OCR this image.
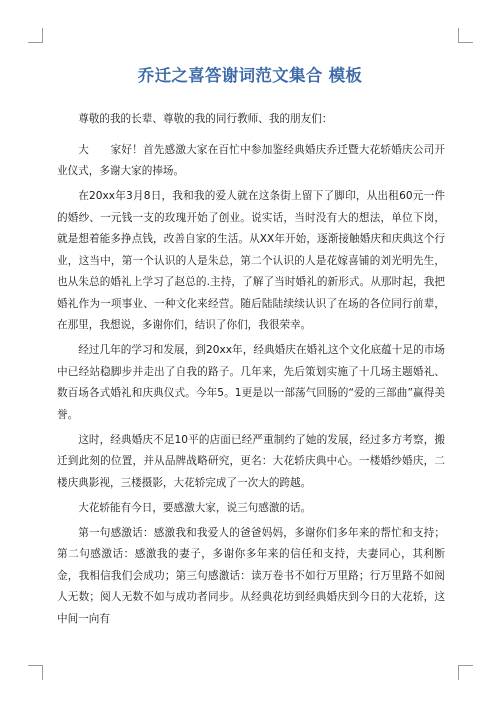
乔迁之喜答谢词范文集合 模板

尊敬的我的长辈、尊敬的我的同行教师、我的朋友们：

大　　家好！首先感激大家在百忙中参加鉴经典婚庆乔迁暨大花轿婚庆公司开业仪式，多谢大家的捧场。

在20xx年3月8日，我和我的爱人就在这条街上留下了脚印，从出租60元一件的婚纱、一元钱一支的玫瑰开始了创业。说实话，当时没有大的想法，单位下岗，就是想着能多挣点钱，改善自家的生活。从XX年开始，逐渐接触婚庆和庆典这个行业，这当中，第一个认识的人是朱总，第二个认识的人是花嫁喜铺的刘光明先生，也从朱总的婚礼上学习了赵总的.主持，了解了当时婚礼的新形式。从那时起，我把婚礼作为一项事业、一种文化来经营。随后陆陆续续认识了在场的各位同行前辈，在那里，我想说，多谢你们，结识了你们，我很荣幸。

经过几年的学习和发展，到20xx年，经典婚庆在婚礼这个文化底蕴十足的市场中已经站稳脚步并走出了自我的路子。几年来，先后策划实施了十几场主题婚礼、数百场各式婚礼和庆典仪式。今年5。1更是以一部荡气回肠的“爱的三部曲”赢得美誉。

这时，经典婚庆不足10平的店面已经严重制约了她的发展，经过多方考察，搬迁到此刻的位置，并从品牌战略研究，更名：大花轿庆典中心。一楼婚纱婚庆，二楼庆典影视，三楼摄影，大花轿完成了一次大的跨越。

大花轿能有今日，要感激大家，说三句感激的话。

第一句感激话：感激我和我爱人的爸爸妈妈，多谢你们多年来的帮忙和支持；第二句感激话：感激我的妻子，多谢你多年来的信任和支持，夫妻同心，其利断金，我相信我们会成功；第三句感激话：读万卷书不如行万里路；行万里路不如阅人无数；阅人无数不如与成功者同步。从经典花坊到经典婚庆到今日的大花轿，这中间一向有
